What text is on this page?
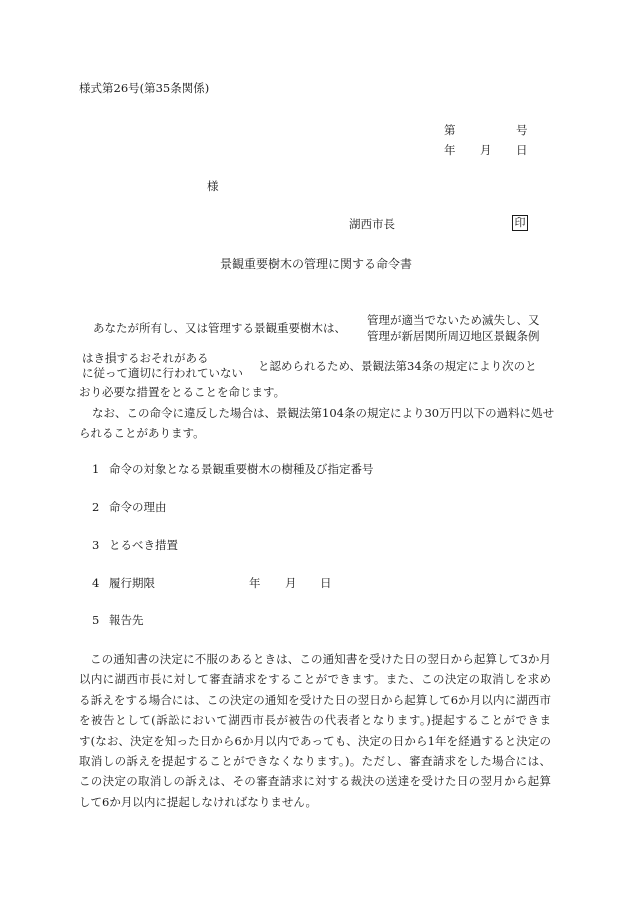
様式第26号(第35条関係)
第	号
年 月 日
様
湖西市長	印
景観重要樹木の管理に関する命令書
あなたが所有し、又は管理する景観重要樹木は、
管理が適当でないため滅失し、又
管理が新居関所周辺地区景観条例
はき損するおそれがある
に従って適切に行われていない と認められるため、景観法第34条の規定により次のと
おり必要な措置をとることを命じます。
なお、この命令に違反した場合は、景観法第104条の規定により30万円以下の過料に処せ
られることがあります。
1 命令の対象となる景観重要樹木の樹種及び指定番号
2 命令の理由
3 とるべき措置
4 履行期限	年 月 日
5 報告先
この通知書の決定に不服のあるときは、この通知書を受けた日の翌日から起算して3か月
以内に湖西市長に対して審査請求をすることができます。また、この決定の取消しを求め
る訴えをする場合には、この決定の通知を受けた日の翌日から起算して6か月以内に湖西市
を被告として(訴訟において湖西市長が被告の代表者となります。)提起することができま
す(なお、決定を知った日から6か月以内であっても、決定の日から1年を経過すると決定の
取消しの訴えを提起することができなくなります。)。ただし、審査請求をした場合には、
この決定の取消しの訴えは、その審査請求に対する裁決の送達を受けた日の翌月から起算
して6か月以内に提起しなければなりません。
